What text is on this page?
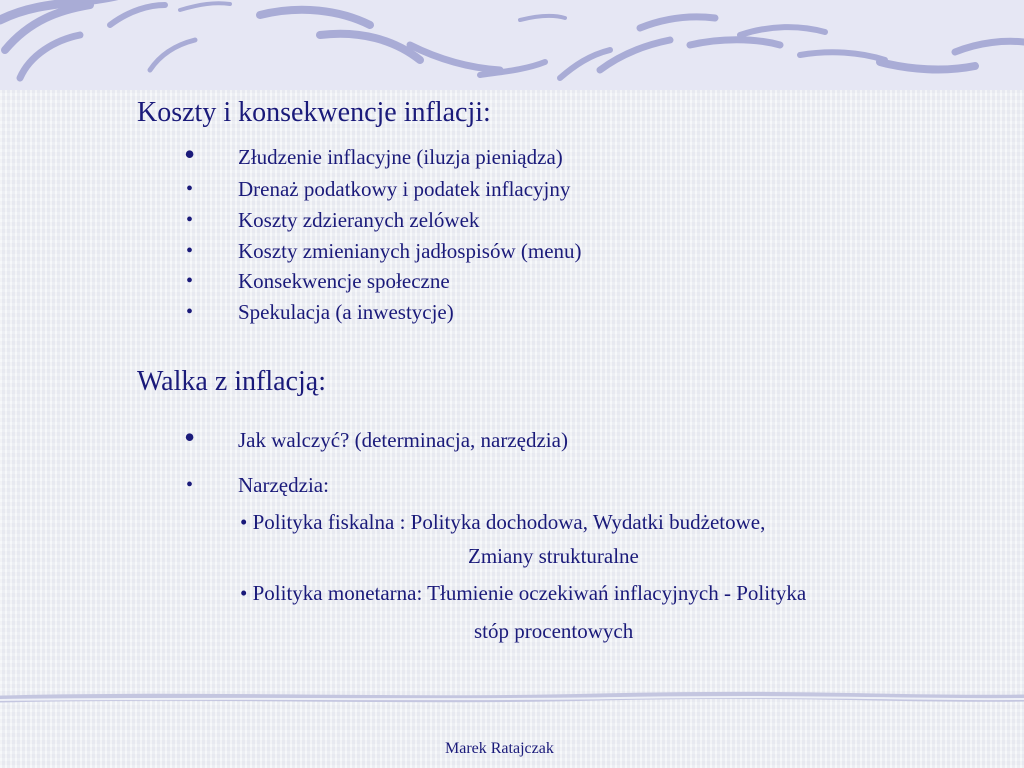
Koszty i konsekwencje inflacji:
• Złudzenie inflacyjne (iluzja pieniądza)
• Drenaż podatkowy i podatek inflacyjny
• Koszty zdzieranych zelówek
• Koszty zmienianych jadłospisów (menu)
• Konsekwencje społeczne
• Spekulacja (a inwestycje)
Walka z inflacją:
• Jak walczyć? (determinacja, narzędzia)
• Narzędzia:
• Polityka fiskalna : Polityka dochodowa, Wydatki budżetowe,
Zmiany strukturalne
• Polityka monetarna: Tłumienie oczekiwań inflacyjnych - Polityka
stóp procentowych
Marek Ratajczak
